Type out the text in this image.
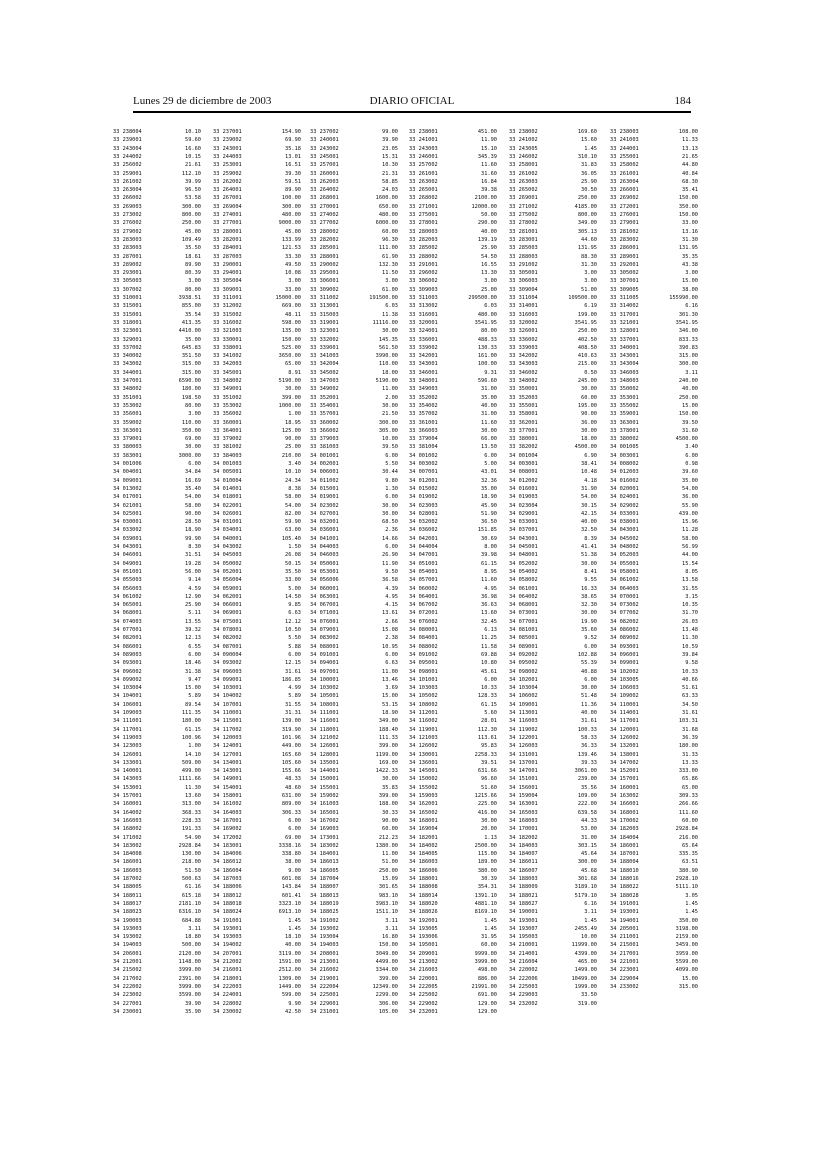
Lunes 29 de diciembre de 2003	DIARIO OFICIAL	184
33 238004	10.10
33 239001	59.60
33 243004	16.60
33 244002	10.15
33 256002	21.61
33 259001	112.10
33 261002	39.99
33 263004	96.50
33 266002	53.58
33 269003	300.00
33 273002	800.00
33 276002	250.00
33 279002	45.00
33 283003	109.49
33 283003	35.50
33 287001	18.61
33 289002	89.90
33 293001	80.39
33 305003	3.00
33 307002	80.00
33 310001	3938.51
33 315001	855.00
33 315001	35.54
33 318001	413.35
33 323001	4410.00
33 329001	35.00
33 337002	645.83
33 340002	351.50
33 343002	315.00
33 344001	315.00
33 347001	6590.00
33 348002	180.00
33 351001	198.50
33 353002	80.00
33 356001	3.00
33 359002	110.00
33 363001	350.00
33 379001	69.00
33 380003	30.00
33 383001	3000.00
34 001006	6.00
34 004001	34.84
34 009001	16.69
34 013002	35.40
34 017001	54.00
34 021001	58.00
34 025001	90.00
34 030001	28.50
34 033002	18.90
34 039001	99.90
34 043001	8.30
34 046001	31.51
34 049001	19.28
34 051001	56.00
34 055003	9.14
34 056003	4.59
34 061002	12.90
34 065001	25.90
34 068001	5.11
34 074003	13.55
34 077001	39.32
34 082001	12.13
34 086001	6.55
34 089003	6.00
34 093001	18.46
34 096002	31.38
34 099002	9.47
34 103004	15.00
34 104001	5.89
34 106001	89.54
34 109003	111.35
34 111001	180.00
34 117001	61.15
34 119003	100.96
34 123003	1.00
34 126001	14.10
34 133001	509.00
34 140001	499.00
34 143003	1111.66
34 153001	11.30
34 157001	13.60
34 160001	313.00
34 164002	368.33
34 166003	228.33
34 168002	191.33
34 171002	54.90
34 183002	2928.84
34 184008	130.00
34 186001	218.00
34 186003	51.50
34 187002	500.63
34 188005	61.16
34 188011	615.18
34 188017	2181.10
34 188023	6316.10
34 190003	684.88
34 193003	3.11
34 193002	18.80
34 194003	500.00
34 206001	2120.00
34 212001	1148.00
34 215002	3999.00
34 217002	2391.00
34 222002	3999.00
34 223002	3599.00
34 227001	39.90
34 230001	35.90
33 237001	154.90
33 239002	69.90
33 243001	35.18
33 244003	13.01
33 253001	16.51
33 259002	39.30
33 262002	59.51
33 264001	89.90
33 267001	100.00
33 269004	300.00
33 274001	480.00
33 277001	9000.00
33 280001	45.00
33 282001	133.99
33 284001	121.53
33 287003	33.30
33 290001	49.50
33 294001	10.08
33 305004	3.00
33 309001	33.00
33 311001	15000.00
33 312002	669.00
33 315002	48.11
33 316002	598.00
33 321003	135.00
33 330001	150.00
33 338001	525.00
33 341002	3650.00
33 342003	65.00
33 345001	8.91
33 348002	5190.00
33 349001	30.00
33 351002	399.00
33 353002	1000.00
33 356002	1.00
33 360001	18.95
33 364001	125.00
33 379002	90.00
33 381002	25.00
33 384003	210.00
34 001003	3.40
34 005001	10.10
34 010004	24.34
34 014001	8.38
34 018001	58.00
34 022001	54.00
34 026001	82.00
34 031001	59.90
34 034001	63.00
34 040001	105.40
34 043002	1.50
34 045003	26.08
34 050002	50.15
34 052001	35.50
34 056004	33.00
34 059001	5.00
34 062001	14.50
34 066001	9.85
34 069001	6.63
34 075001	12.12
34 078001	10.50
34 082002	5.50
34 087001	5.88
34 090004	6.00
34 093002	12.15
34 096003	31.61
34 099001	186.85
34 103001	4.99
34 104002	5.89
34 107001	31.55
34 110001	31.31
34 115001	139.00
34 117002	319.90
34 120003	101.96
34 124001	449.00
34 127001	165.60
34 134001	105.60
34 143001	155.66
34 149001	48.33
34 154001	48.60
34 158001	631.00
34 161002	809.00
34 164003	306.33
34 167001	6.00
34 169002	6.00
34 172002	69.00
34 183001	3338.16
34 184006	338.80
34 186012	38.00
34 186004	9.00
34 187003	601.08
34 188006	143.84
34 188012	601.41
34 188018	3323.10
34 188024	6913.10
34 191001	1.45
34 193001	1.45
34 193003	18.10
34 194002	40.00
34 207001	3119.00
34 212002	1591.00
34 216001	2512.00
34 218001	1309.00
34 222003	1449.00
34 224001	599.00
34 228002	9.90
34 230002	42.50
33 237002	99.00
33 240001	39.90
33 243002	23.05
33 245001	15.31
33 257001	10.30
33 260001	21.31
33 262003	58.85
33 264002	24.03
33 268001	1600.00
33 270001	650.00
33 274002	480.00
33 277002	6000.00
33 280002	60.00
33 282002	96.30
33 285001	111.00
33 288001	61.90
33 290002	132.30
33 295001	11.50
33 306001	3.00
33 309002	61.00
33 311002	191500.00
33 313001	6.03
33 315003	11.38
33 319001	11116.00
33 323001	30.00
33 332002	145.35
33 339001	561.50
33 341003	3990.00
33 342004	110.00
33 345002	18.00
33 347003	5190.00
33 349002	11.00
33 352001	2.00
33 354001	30.00
33 357001	21.50
33 360002	300.00
33 366002	305.00
33 379003	10.00
33 381003	39.50
34 001001	6.00
34 002001	5.50
34 006001	30.44
34 011002	9.80
34 015001	1.30
34 019001	6.00
34 023002	30.00
34 027001	30.00
34 032001	68.50
34 036001	2.36
34 041001	14.66
34 044003	6.00
34 046003	26.90
34 050001	11.90
34 053001	9.50
34 056006	36.58
34 060001	4.39
34 063001	4.95
34 067001	4.15
34 071001	13.61
34 076001	2.66
34 079001	15.08
34 083002	2.38
34 088001	10.95
34 091001	6.00
34 094001	6.63
34 097001	11.00
34 100001	13.46
34 103002	3.69
34 105001	15.00
34 108001	53.15
34 111001	18.90
34 116001	349.00
34 118001	188.40
34 121002	111.33
34 126001	399.00
34 128001	1199.00
34 135001	169.00
34 144001	1422.33
34 150001	30.00
34 155001	35.83
34 159002	399.00
34 161003	188.00
34 165001	30.33
34 167002	90.00
34 169003	60.00
34 173001	212.23
34 183002	1380.00
34 184001	11.00
34 186013	51.00
34 186005	250.00
34 187004	15.09
34 188007	301.65
34 188013	983.10
34 188019	3983.10
34 188025	1511.10
34 191002	3.11
34 193002	3.11
34 193004	16.80
34 194003	150.00
34 208001	3049.00
34 213001	4499.00
34 216002	3344.00
34 219001	399.00
34 222004	12349.00
34 225001	2299.00
34 229001	306.00
34 231001	105.00
33 238001	451.00
33 241001	11.90
33 243003	15.10
33 246001	345.39
33 257002	11.60
33 261001	31.60
33 263002	16.84
33 265001	39.38
33 268002	2100.00
33 271001	12000.00
33 275001	50.00
33 278001	290.00
33 280003	40.00
33 282003	139.19
33 285002	25.90
33 288002	54.50
33 291001	16.55
33 296002	13.30
33 306002	3.00
33 309003	25.00
33 311003	299500.00
33 313002	6.03
33 316001	480.00
33 320001	3541.95
33 324001	80.00
33 336001	488.33
33 339002	130.33
33 342001	161.00
33 343001	100.00
33 346001	9.31
33 348001	596.60
33 349003	31.00
33 352002	35.00
33 354002	40.00
33 357002	31.00
33 361001	11.60
33 366003	30.00
33 379004	66.00
33 381004	13.50
34 001002	6.00
34 003002	5.00
34 007001	43.01
34 012001	32.36
34 015002	35.00
34 019002	18.90
34 023003	45.90
34 028001	51.90
34 032002	36.50
34 036002	151.85
34 042001	30.69
34 044004	8.00
34 047001	39.98
34 051001	61.15
34 054001	8.95
34 057001	11.60
34 060002	4.95
34 064001	36.98
34 067002	36.63
34 072001	13.60
34 076002	32.45
34 080001	6.13
34 084001	11.25
34 088002	11.58
34 091002	69.88
34 095001	10.80
34 098001	45.61
34 101001	6.00
34 103003	10.33
34 105002	128.33
34 108002	61.15
34 112001	5.60
34 116002	28.01
34 119001	112.30
34 121003	113.61
34 126002	95.83
34 130001	2258.33
34 136001	39.51
34 145001	631.66
34 150002	96.60
34 155002	51.60
34 159003	1215.66
34 162001	225.00
34 165002	416.00
34 168001	30.00
34 169004	20.00
34 182001	1.13
34 184002	2500.00
34 184005	115.00
34 186003	189.00
34 186006	380.00
34 188001	30.39
34 188008	354.31
34 188014	1391.10
34 188020	4881.10
34 188026	8169.10
34 192001	1.45
34 193005	1.45
34 193006	31.95
34 195001	60.00
34 209001	9999.00
34 213002	3999.00
34 216003	498.00
34 220001	886.00
34 222005	21991.00
34 225002	691.00
34 229002	129.00
34 232001	129.00
33 238002	169.60
33 241002	15.60
33 243005	1.45
33 246002	310.10
33 258001	31.83
33 261002	36.05
33 263003	25.90
33 265002	30.50
33 269001	250.00
33 271002	4185.00
33 275002	800.00
33 278002	349.00
33 281001	305.13
33 283001	44.60
33 285003	131.95
33 288003	88.30
33 291002	31.30
33 305001	3.00
33 306003	3.00
33 309004	51.00
33 311004	109500.00
33 314001	6.19
33 316003	199.00
33 320002	3541.95
33 326001	250.00
33 336002	402.50
33 339003	408.50
33 342002	410.63
33 343003	215.00
33 346002	0.50
33 348002	245.00
33 350001	30.00
33 352003	60.00
33 355001	195.00
33 358001	90.00
33 362001	36.00
33 377001	30.00
33 380001	18.00
33 382002	4500.00
34 001004	6.90
34 003001	38.41
34 008001	10.48
34 012002	4.18
34 016001	31.90
34 019003	54.00
34 023004	30.15
34 029001	42.15
34 033001	40.00
34 037001	32.50
34 043001	8.39
34 045001	41.41
34 048001	51.38
34 052002	30.00
34 054002	8.41
34 058002	9.55
34 061001	16.33
34 064002	38.65
34 068001	32.30
34 073001	30.00
34 077001	19.90
34 081001	35.60
34 085001	9.52
34 089001	6.00
34 092002	102.88
34 095002	55.39
34 098002	40.88
34 102001	6.00
34 103004	30.00
34 106002	51.48
34 109001	11.36
34 113001	40.00
34 116003	31.61
34 119002	100.33
34 122001	58.33
34 126003	36.33
34 131001	139.46
34 137001	39.33
34 147001	3061.00
34 151001	239.00
34 156001	35.56
34 159004	109.00
34 163001	222.00
34 165003	639.58
34 168003	44.33
34 170001	53.00
34 182002	31.00
34 184003	303.15
34 184007	45.64
34 186011	300.00
34 186007	45.68
34 188003	301.68
34 188009	3189.10
34 188021	5179.10
34 188027	6.16
34 190001	3.11
34 193001	1.45
34 193007	2455.49
34 195003	10.00
34 210001	11999.00
34 214001	4399.00
34 216004	465.00
34 220002	1499.00
34 222006	10499.00
34 225003	1999.00
34 229003	33.50
34 232002	319.00
33 238003	108.00
33 241003	11.33
33 244001	13.13
33 255001	21.65
33 258002	44.80
33 261001	40.84
33 263004	68.30
33 266001	35.41
33 269002	150.00
33 272001	350.00
33 276001	150.00
33 279001	33.00
33 281002	13.16
33 283002	31.30
33 286001	131.95
33 289001	35.35
33 292001	43.38
33 305002	3.00
33 307001	15.00
33 309005	38.00
33 311005	155990.00
33 314002	6.16
33 317001	301.30
33 321001	3541.95
33 328001	346.00
33 337001	833.33
33 340001	390.83
33 343001	315.00
33 343004	300.00
33 346003	3.11
33 348003	240.00
33 350002	40.00
33 353001	250.00
33 355002	15.00
33 359001	150.00
33 363001	39.50
33 378001	31.60
33 380002	4500.00
34 001005	3.40
34 003001	6.00
34 008002	0.98
34 012003	39.60
34 016002	35.00
34 020001	54.00
34 024001	36.00
34 029002	55.90
34 033001	439.00
34 038001	15.96
34 043001	11.28
34 045002	58.00
34 048002	56.99
34 052003	44.00
34 055001	15.54
34 058001	8.05
34 061002	13.58
34 064003	31.55
34 070001	3.15
34 073002	10.35
34 077002	31.70
34 082002	26.03
34 086002	13.48
34 089002	11.30
34 093001	10.59
34 096001	39.84
34 099001	9.58
34 102002	10.33
34 103005	40.66
34 106003	51.61
34 109002	63.33
34 110001	34.50
34 114001	31.61
34 117001	103.31
34 120001	31.68
34 126002	36.39
34 132001	180.00
34 138001	31.33
34 147002	13.33
34 152001	333.00
34 157001	65.86
34 160001	65.00
34 163002	309.33
34 166001	266.66
34 168001	111.60
34 170002	60.00
34 182003	2928.84
34 184004	216.00
34 186001	65.64
34 187001	335.35
34 188004	63.51
34 188010	380.90
34 188016	2928.10
34 188022	5111.10
34 188028	3.05
34 191001	1.45
34 193001	1.45
34 194001	350.00
34 205001	3198.00
34 211001	2159.00
34 215001	3459.00
34 217001	3959.00
34 221001	5599.00
34 223001	4099.00
34 229004	15.00
34 233002	315.00
